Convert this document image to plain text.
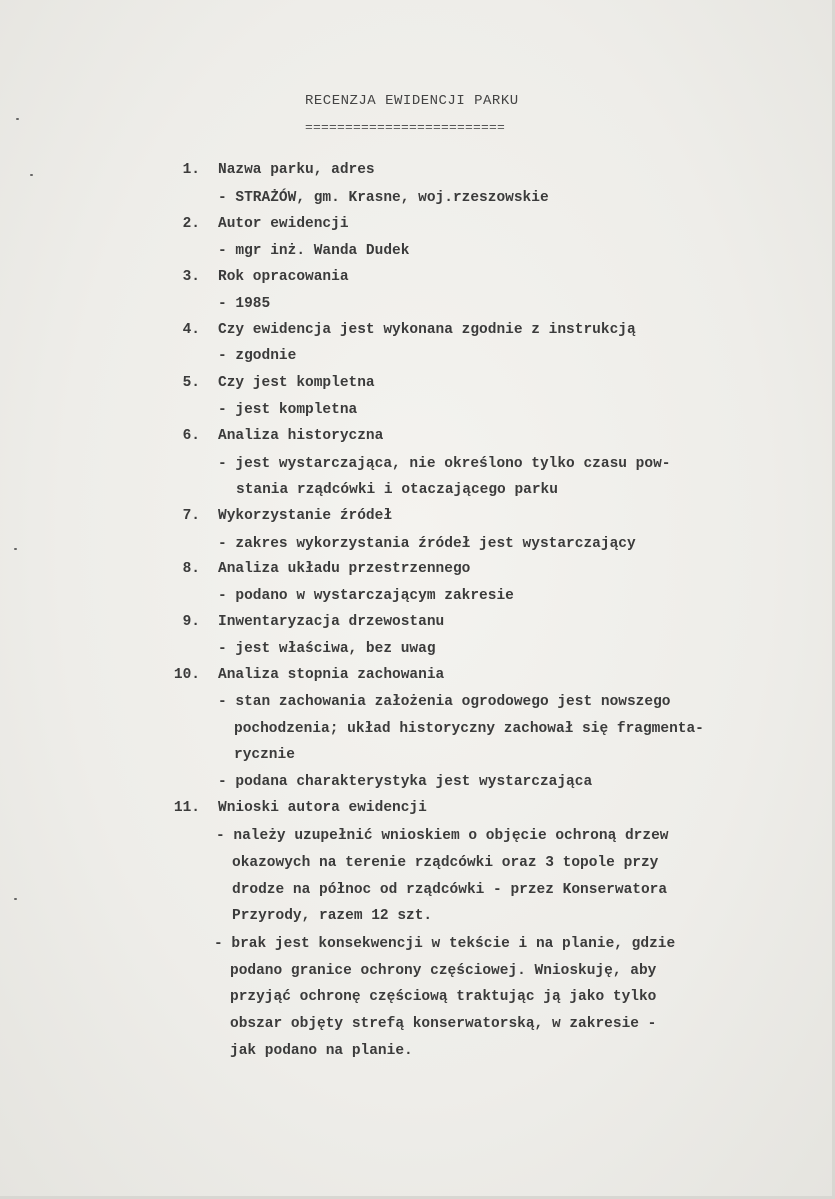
RECENZJA EWIDENCJI PARKU
=========================
1. Nazwa parku, adres
- STRAŻÓW, gm. Krasne, woj.rzeszowskie
2. Autor ewidencji
- mgr inż. Wanda Dudek
3. Rok opracowania
- 1985
4. Czy ewidencja jest wykonana zgodnie z instrukcją
- zgodnie
5. Czy jest kompletna
- jest kompletna
6. Analiza historyczna
- jest wystarczająca, nie określono tylko czasu pow-
stania rządcówki i otaczającego parku
7. Wykorzystanie źródeł
- zakres wykorzystania źródeł jest wystarczający
8. Analiza układu przestrzennego
- podano w wystarczającym zakresie
9. Inwentaryzacja drzewostanu
- jest właściwa, bez uwag
10. Analiza stopnia zachowania
- stan zachowania założenia ogrodowego jest nowszego
pochodzenia; układ historyczny zachował się fragmenta-
rycznie
- podana charakterystyka jest wystarczająca
11. Wnioski autora ewidencji
- należy uzupełnić wnioskiem o objęcie ochroną drzew
okazowych na terenie rządcówki oraz 3 topole przy
drodze na północ od rządcówki - przez Konserwatora
Przyrody, razem 12 szt.
- brak jest konsekwencji w tekście i na planie, gdzie
podano granice ochrony częściowej. Wnioskuję, aby
przyjąć ochronę częściową traktując ją jako tylko
obszar objęty strefą konserwatorską, w zakresie -
jak podano na planie.
